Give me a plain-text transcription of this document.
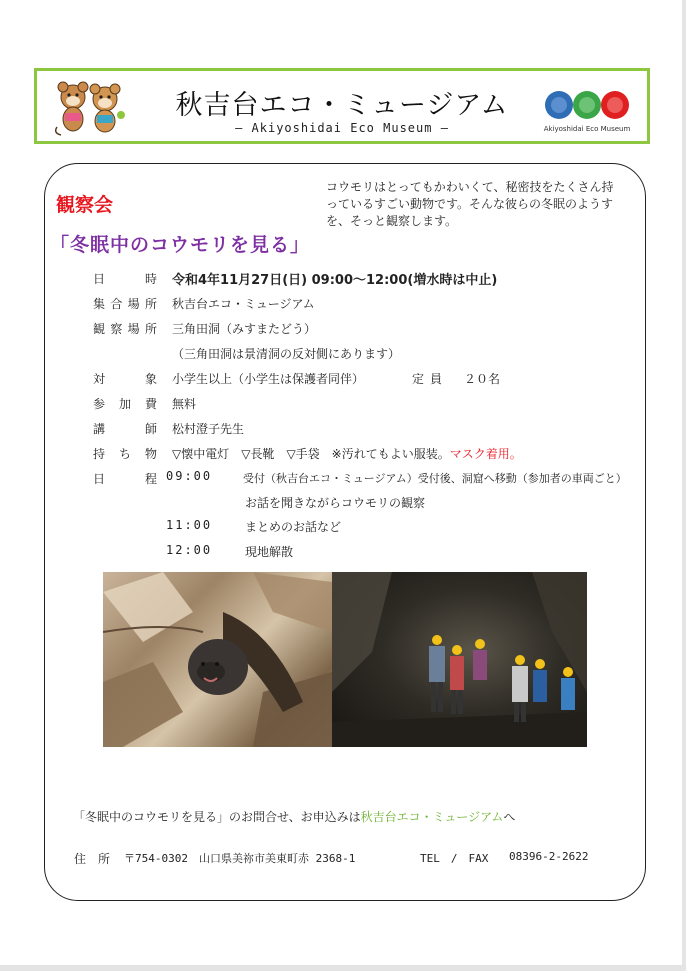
秋吉台エコ・ミュージアム
― Akiyoshidai Eco Museum ―	Akiyoshidai Eco Museum
観察会
「冬眠中のコウモリを見る」
コウモリはとってもかわいくて、秘密技をたくさん持っているすごい動物です。そんな彼らの冬眠のようすを、そっと観察します。
日時 令和4年11月27日(日) 09:00～12:00(増水時は中止)
集合場所 秋吉台エコ・ミュージアム
観察場所 三角田洞（みすまたどう）
（三角田洞は景清洞の反対側にあります）
対象 小学生以上（小学生は保護者同伴）	定員 ２０名
参加費 無料
講師 松村澄子先生
持ち物 ▽懐中電灯　▽長靴　▽手袋　※汚れてもよい服装。マスク着用。
日程 09:00	受付（秋吉台エコ・ミュージアム）受付後、洞窟へ移動（参加者の車両ごと）
お話を聞きながらコウモリの観察
11:00	まとめのお話など
12:00	現地解散
「冬眠中のコウモリを見る」のお問合せ、お申込みは秋吉台エコ・ミュージアムへ
住　所 〒754-0302　山口県美祢市美東町赤 2368-1	TEL　/　FAX 08396-2-2622
